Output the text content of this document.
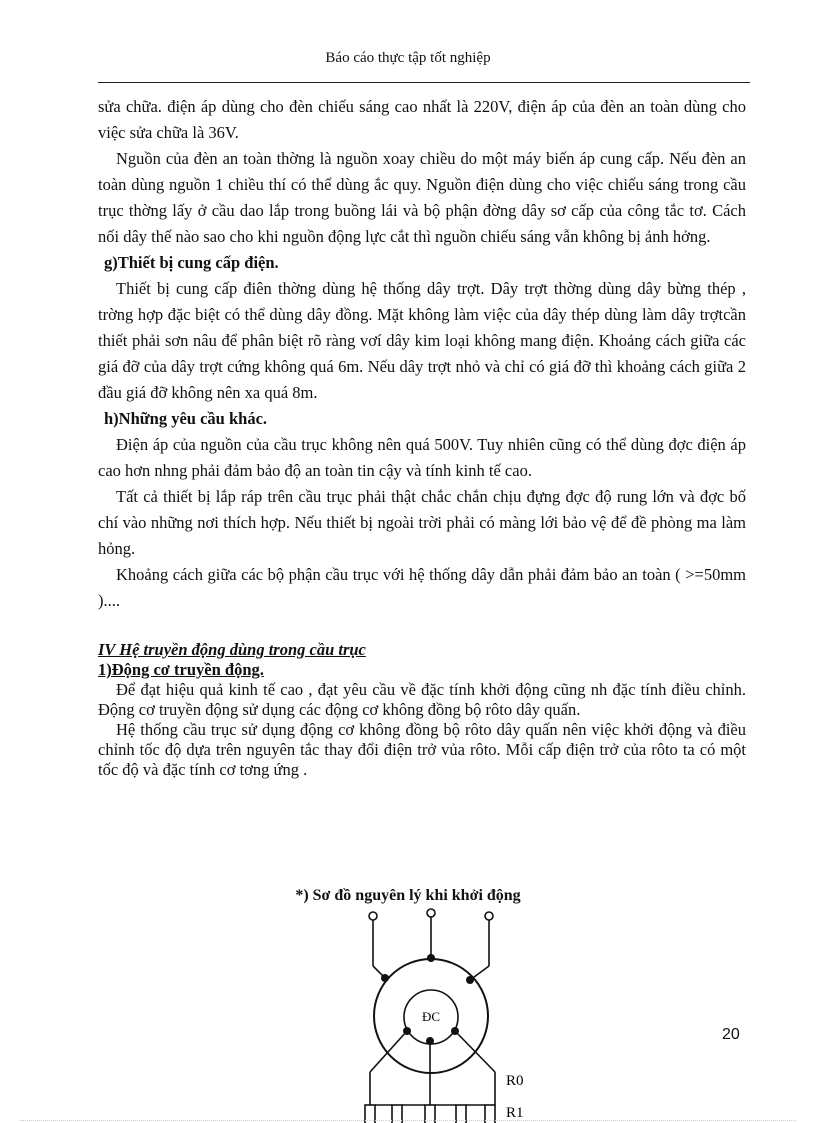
Báo cáo thực tập tốt nghiệp

sửa chữa. điện áp dùng cho đèn chiếu sáng cao nhất là 220V, điện áp của đèn an toàn dùng cho việc sửa chữa là 36V.

Nguồn của đèn an toàn thờng là nguồn xoay chiều do một máy biến áp cung cấp. Nếu đèn an toàn dùng nguồn 1 chiều thí có thể dùng ắc quy. Nguồn điện dùng cho việc chiếu sáng trong cầu trục thờng lấy ở cầu dao lắp trong buồng lái và bộ phận đờng dây sơ cấp của công tắc tơ. Cách nối dây thế nào sao cho khi nguồn động lực cắt thì nguồn chiếu sáng vẫn không bị ảnh hởng.

g)Thiết bị cung cấp điện.

Thiết bị cung cấp điên thờng dùng hệ thống dây trợt. Dây trợt thờng dùng dây bừng thép , trờng hợp đặc biệt có thể dùng dây đồng. Mặt không làm việc của dây thép dùng làm dây trợtcần thiết phải sơn nâu để phân biệt rõ ràng vơí dây kim loại không mang điện. Khoảng cách giữa các giá đỡ của dây trợt cứng không quá 6m. Nếu dây trợt nhỏ và chỉ có giá đỡ thì khoảng cách giữa 2 đầu giá đỡ không nên xa quá 8m.

h)Những yêu cầu khác.

Điện áp của nguồn của cầu trục không nên quá 500V. Tuy nhiên cũng có thể dùng đợc điện áp cao hơn nhng phải đảm bảo độ an toàn tin cậy và tính kinh tế cao.

Tất cả thiết bị lắp ráp trên cầu trục phải thật chắc chắn chịu đựng đợc độ rung lớn và đợc bố chí vào những nơi thích hợp. Nếu thiết bị ngoài trời phải có màng lới bảo vệ để đề phòng ma làm hỏng.

Khoảng cách giữa các bộ phận cầu trục với hệ thống dây dẫn phải đảm bảo an toàn ( >=50mm )....

IV Hệ truyền động dùng trong cầu trục

1)Động cơ truyền động.

Để đạt hiệu quả kinh tế cao , đạt yêu cầu về đặc tính khởi động cũng nh đặc tính điều chỉnh. Động cơ truyền động sử dụng các động cơ không đồng bộ rôto dây quấn.

Hệ thống cầu trục sử dụng động cơ không đồng bộ rôto dây quấn nên việc khởi động và điều chỉnh tốc độ dựa trên nguyên tắc thay đổi điện trở vủa rôto. Mỗi cấp điện trở của rôto ta có một tốc độ và đặc tính cơ tơng ứng .

*) Sơ đồ nguyên lý khi khởi động
ĐC
R0
R1
20
